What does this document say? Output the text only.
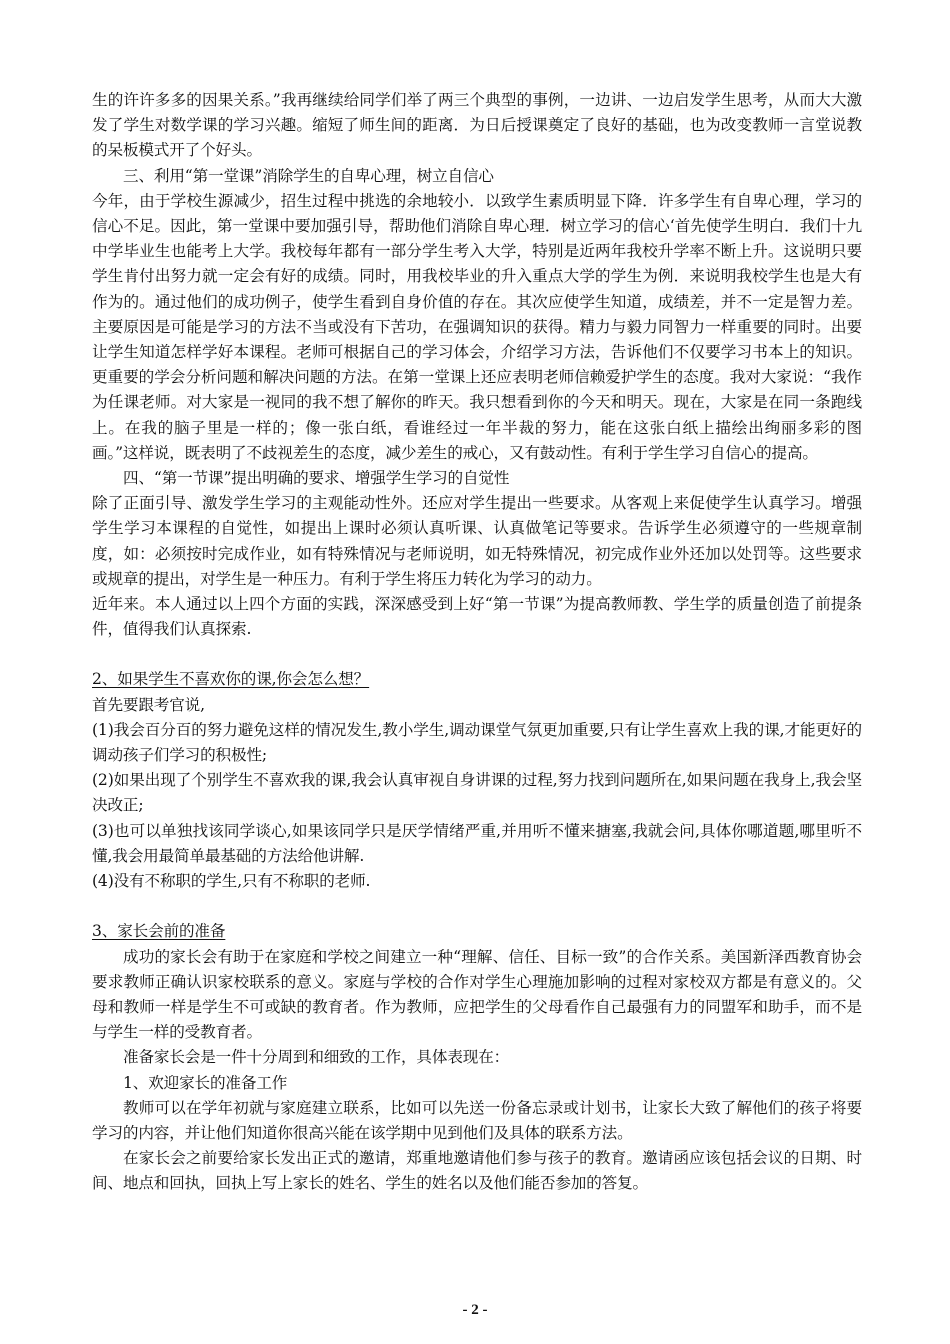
生的许许多多的因果关系。”我再继续给同学们举了两三个典型的事例，一边讲、一边启发学生思考，从而大大激发了学生对数学课的学习兴趣。缩短了师生间的距离．为日后授课奠定了良好的基础，也为改变教师一言堂说教的呆板模式开了个好头。

三、利用“第一堂课”消除学生的自卑心理，树立自信心

今年，由于学校生源减少，招生过程中挑选的余地较小．以致学生素质明显下降．许多学生有自卑心理，学习的信心不足。因此，第一堂课中要加强引导，帮助他们消除自卑心理．树立学习的信心‘首先使学生明白．我们十九中学毕业生也能考上大学。我校每年都有一部分学生考入大学，特别是近两年我校升学率不断上升。这说明只要学生肯付出努力就一定会有好的成绩。同时，用我校毕业的升入重点大学的学生为例．来说明我校学生也是大有作为的。通过他们的成功例子，使学生看到自身价值的存在。其次应使学生知道，成绩差，并不一定是智力差。主要原因是可能是学习的方法不当或没有下苦功，在强调知识的获得。精力与毅力同智力一样重要的同时。出要让学生知道怎样学好本课程。老师可根据自己的学习体会，介绍学习方法，告诉他们不仅要学习书本上的知识。更重要的学会分析问题和解决问题的方法。在第一堂课上还应表明老师信赖爱护学生的态度。我对大家说：“我作为任课老师。对大家是一视同的我不想了解你的昨天。我只想看到你的今天和明天。现在，大家是在同一条跑线上。在我的脑子里是一样的；像一张白纸，看谁经过一年半裁的努力，能在这张白纸上描绘出绚丽多彩的图画。”这样说，既表明了不歧视差生的态度，减少差生的戒心，又有鼓动性。有利于学生学习自信心的提高。

四、“第一节课”提出明确的要求、增强学生学习的自觉性

除了正面引导、激发学生学习的主观能动性外。还应对学生提出一些要求。从客观上来促使学生认真学习。增强学生学习本课程的自觉性，如提出上课时必须认真听课、认真做笔记等要求。告诉学生必须遵守的一些规章制度，如：必须按时完成作业，如有特殊情况与老师说明，如无特殊情况，初完成作业外还加以处罚等。这些要求或规章的提出，对学生是一种压力。有利于学生将压力转化为学习的动力。

近年来。本人通过以上四个方面的实践，深深感受到上好“第一节课”为提高教师教、学生学的质量创造了前提条件，值得我们认真探索.

2、如果学生不喜欢你的课,你会怎么想？

首先要跟考官说,

(1)我会百分百的努力避免这样的情况发生,教小学生,调动课堂气氛更加重要,只有让学生喜欢上我的课,才能更好的调动孩子们学习的积极性;

(2)如果出现了个别学生不喜欢我的课,我会认真审视自身讲课的过程,努力找到问题所在,如果问题在我身上,我会坚决改正;

(3)也可以单独找该同学谈心,如果该同学只是厌学情绪严重,并用听不懂来搪塞,我就会问,具体你哪道题,哪里听不懂,我会用最简单最基础的方法给他讲解.

(4)没有不称职的学生,只有不称职的老师.

3、家长会前的准备

成功的家长会有助于在家庭和学校之间建立一种“理解、信任、目标一致”的合作关系。美国新泽西教育协会要求教师正确认识家校联系的意义。家庭与学校的合作对学生心理施加影响的过程对家校双方都是有意义的。父母和教师一样是学生不可或缺的教育者。作为教师，应把学生的父母看作自己最强有力的同盟军和助手，而不是与学生一样的受教育者。

准备家长会是一件十分周到和细致的工作，具体表现在：

1、欢迎家长的准备工作

教师可以在学年初就与家庭建立联系，比如可以先送一份备忘录或计划书，让家长大致了解他们的孩子将要学习的内容，并让他们知道你很高兴能在该学期中见到他们及具体的联系方法。

在家长会之前要给家长发出正式的邀请，郑重地邀请他们参与孩子的教育。邀请函应该包括会议的日期、时间、地点和回执，回执上写上家长的姓名、学生的姓名以及他们能否参加的答复。

- 2 -
